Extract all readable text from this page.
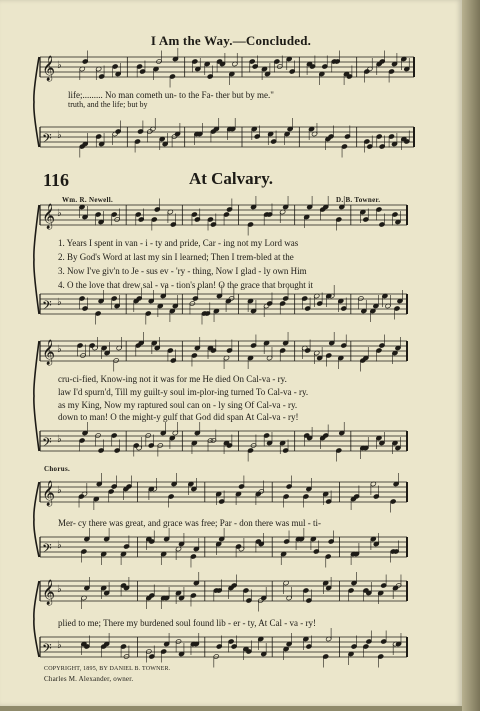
I Am the Way.—Concluded.
𝄞 ♭
𝄢 ♭
𝄞 ♭
𝄢 ♭
𝄞 ♭
𝄢 ♭
𝄞 ♭
𝄢 ♭
𝄞 ♭
𝄢 ♭
life;......... No man cometh un- to the Fa- ther but by me."
truth, and the life; but by
116	At Calvary.
Wm. R. Newell.	D. B. Towner.
1. Years I spent in van - i - ty and pride, Car - ing not my Lord was
2. By God's Word at last my sin I learned; Then I trem-bled at the
3. Now I've giv'n to Je - sus ev - 'ry - thing, Now I glad - ly own Him
4. O the love that drew sal - va - tion's plan! O the grace that brought it
cru-ci-fied, Know-ing not it was for me He died On Cal-va - ry.
law I'd spurn'd, Till my guilt-y soul im-plor-ing turned To Cal-va - ry.
as my King, Now my raptured soul can on - ly sing Of Cal-va - ry.
down to man! O the might-y gulf that God did span At Cal-va - ry!
Chorus.
Mer- cy there was great, and grace was free; Par - don there was mul - ti-
plied to me; There my burdened soul found lib - er - ty, At Cal - va - ry!
COPYRIGHT, 1895, BY DANIEL B. TOWNER.
Charles M. Alexander, owner.
